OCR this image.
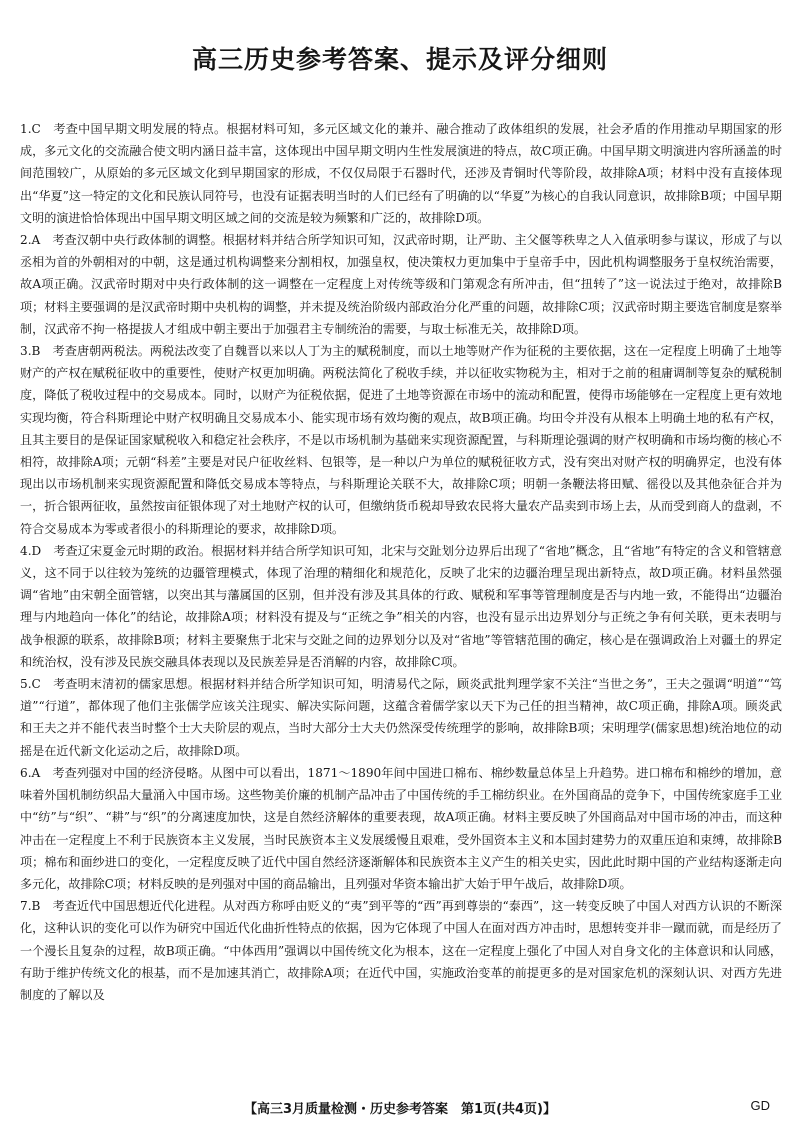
高三历史参考答案、提示及评分细则

1.C　 考查中国早期文明发展的特点。根据材料可知，多元区域文化的兼并、融合推动了政体组织的发展，社会矛盾的作用推动早期国家的形成，多元文化的交流融合使文明内涵日益丰富，这体现出中国早期文明内生性发展演进的特点，故C项正确。中国早期文明演进内容所涵盖的时间范围较广，从原始的多元区域文化到早期国家的形成，不仅仅局限于石器时代，还涉及青铜时代等阶段，故排除A项；材料中没有直接体现出“华夏”这一特定的文化和民族认同符号，也没有证据表明当时的人们已经有了明确的以“华夏”为核心的自我认同意识，故排除B项；中国早期文明的演进恰恰体现出中国早期文明区域之间的交流是较为频繁和广泛的，故排除D项。

2.A　 考查汉朝中央行政体制的调整。根据材料并结合所学知识可知，汉武帝时期，让严助、主父偃等秩卑之人入值承明参与谋议，形成了与以丞相为首的外朝相对的中朝，这是通过机构调整来分割相权，加强皇权，使决策权力更加集中于皇帝手中，因此机构调整服务于皇权统治需要，故A项正确。汉武帝时期对中央行政体制的这一调整在一定程度上对传统等级和门第观念有所冲击，但“扭转了”这一说法过于绝对，故排除B项；材料主要强调的是汉武帝时期中央机构的调整，并未提及统治阶级内部政治分化严重的问题，故排除C项；汉武帝时期主要选官制度是察举制，汉武帝不拘一格提拔人才组成中朝主要出于加强君主专制统治的需要，与取士标准无关，故排除D项。

3.B　 考查唐朝两税法。两税法改变了自魏晋以来以人丁为主的赋税制度，而以土地等财产作为征税的主要依据，这在一定程度上明确了土地等财产的产权在赋税征收中的重要性，使财产权更加明确。两税法简化了税收手续，并以征收实物税为主，相对于之前的租庸调制等复杂的赋税制度，降低了税收过程中的交易成本。同时，以财产为征税依据，促进了土地等资源在市场中的流动和配置，使得市场能够在一定程度上更有效地实现均衡，符合科斯理论中财产权明确且交易成本小、能实现市场有效均衡的观点，故B项正确。均田令并没有从根本上明确土地的私有产权，且其主要目的是保证国家赋税收入和稳定社会秩序，不是以市场机制为基础来实现资源配置，与科斯理论强调的财产权明确和市场均衡的核心不相符，故排除A项；元朝“科差”主要是对民户征收丝料、包银等，是一种以户为单位的赋税征收方式，没有突出对财产权的明确界定，也没有体现出以市场机制来实现资源配置和降低交易成本等特点，与科斯理论关联不大，故排除C项；明朝一条鞭法将田赋、徭役以及其他杂征合并为一，折合银两征收，虽然按亩征银体现了对土地财产权的认可，但缴纳货币税却导致农民将大量农产品卖到市场上去，从而受到商人的盘剥，不符合交易成本为零或者很小的科斯理论的要求，故排除D项。

4.D　 考查辽宋夏金元时期的政治。根据材料并结合所学知识可知，北宋与交趾划分边界后出现了“省地”概念，且“省地”有特定的含义和管辖意义，这不同于以往较为笼统的边疆管理模式，体现了治理的精细化和规范化，反映了北宋的边疆治理呈现出新特点，故D项正确。材料虽然强调“省地”由宋朝全面管辖，以突出其与藩属国的区别，但并没有涉及其具体的行政、赋税和军事等管理制度是否与内地一致，不能得出“边疆治理与内地趋向一体化”的结论，故排除A项；材料没有提及与“正统之争”相关的内容，也没有显示出边界划分与正统之争有何关联，更未表明与战争根源的联系，故排除B项；材料主要聚焦于北宋与交趾之间的边界划分以及对“省地”等管辖范围的确定，核心是在强调政治上对疆土的界定和统治权，没有涉及民族交融具体表现以及民族差异是否消解的内容，故排除C项。

5.C　 考查明末清初的儒家思想。根据材料并结合所学知识可知，明清易代之际，顾炎武批判理学家不关注“当世之务”，王夫之强调“明道”“笃道”“行道”，都体现了他们主张儒学应该关注现实、解决实际问题，这蕴含着儒学家以天下为己任的担当精神，故C项正确，排除A项。顾炎武和王夫之并不能代表当时整个士大夫阶层的观点，当时大部分士大夫仍然深受传统理学的影响，故排除B项；宋明理学(儒家思想)统治地位的动摇是在近代新文化运动之后，故排除D项。

6.A　 考查列强对中国的经济侵略。从图中可以看出，1871～1890年间中国进口棉布、棉纱数量总体呈上升趋势。进口棉布和棉纱的增加，意味着外国机制纺织品大量涌入中国市场。这些物美价廉的机制产品冲击了中国传统的手工棉纺织业。在外国商品的竞争下，中国传统家庭手工业中“纺”与“织”、“耕”与“织”的分离速度加快，这是自然经济解体的重要表现，故A项正确。材料主要反映了外国商品对中国市场的冲击，而这种冲击在一定程度上不利于民族资本主义发展，当时民族资本主义发展缓慢且艰难，受外国资本主义和本国封建势力的双重压迫和束缚，故排除B项；棉布和面纱进口的变化，一定程度反映了近代中国自然经济逐渐解体和民族资本主义产生的相关史实，因此此时期中国的产业结构逐渐走向多元化，故排除C项；材料反映的是列强对中国的商品输出，且列强对华资本输出扩大始于甲午战后，故排除D项。

7.B　 考查近代中国思想近代化进程。从对西方称呼由贬义的“夷”到平等的“西”再到尊崇的“泰西”，这一转变反映了中国人对西方认识的不断深化，这种认识的变化可以作为研究中国近代化曲折性特点的依据，因为它体现了中国人在面对西方冲击时，思想转变并非一蹴而就，而是经历了一个漫长且复杂的过程，故B项正确。“中体西用”强调以中国传统文化为根本，这在一定程度上强化了中国人对自身文化的主体意识和认同感，有助于维护传统文化的根基，而不是加速其消亡，故排除A项；在近代中国，实施政治变革的前提更多的是对国家危机的深刻认识、对西方先进制度的了解以及

【高三3月质量检测・历史参考答案　第1页(共4页)】	GD
